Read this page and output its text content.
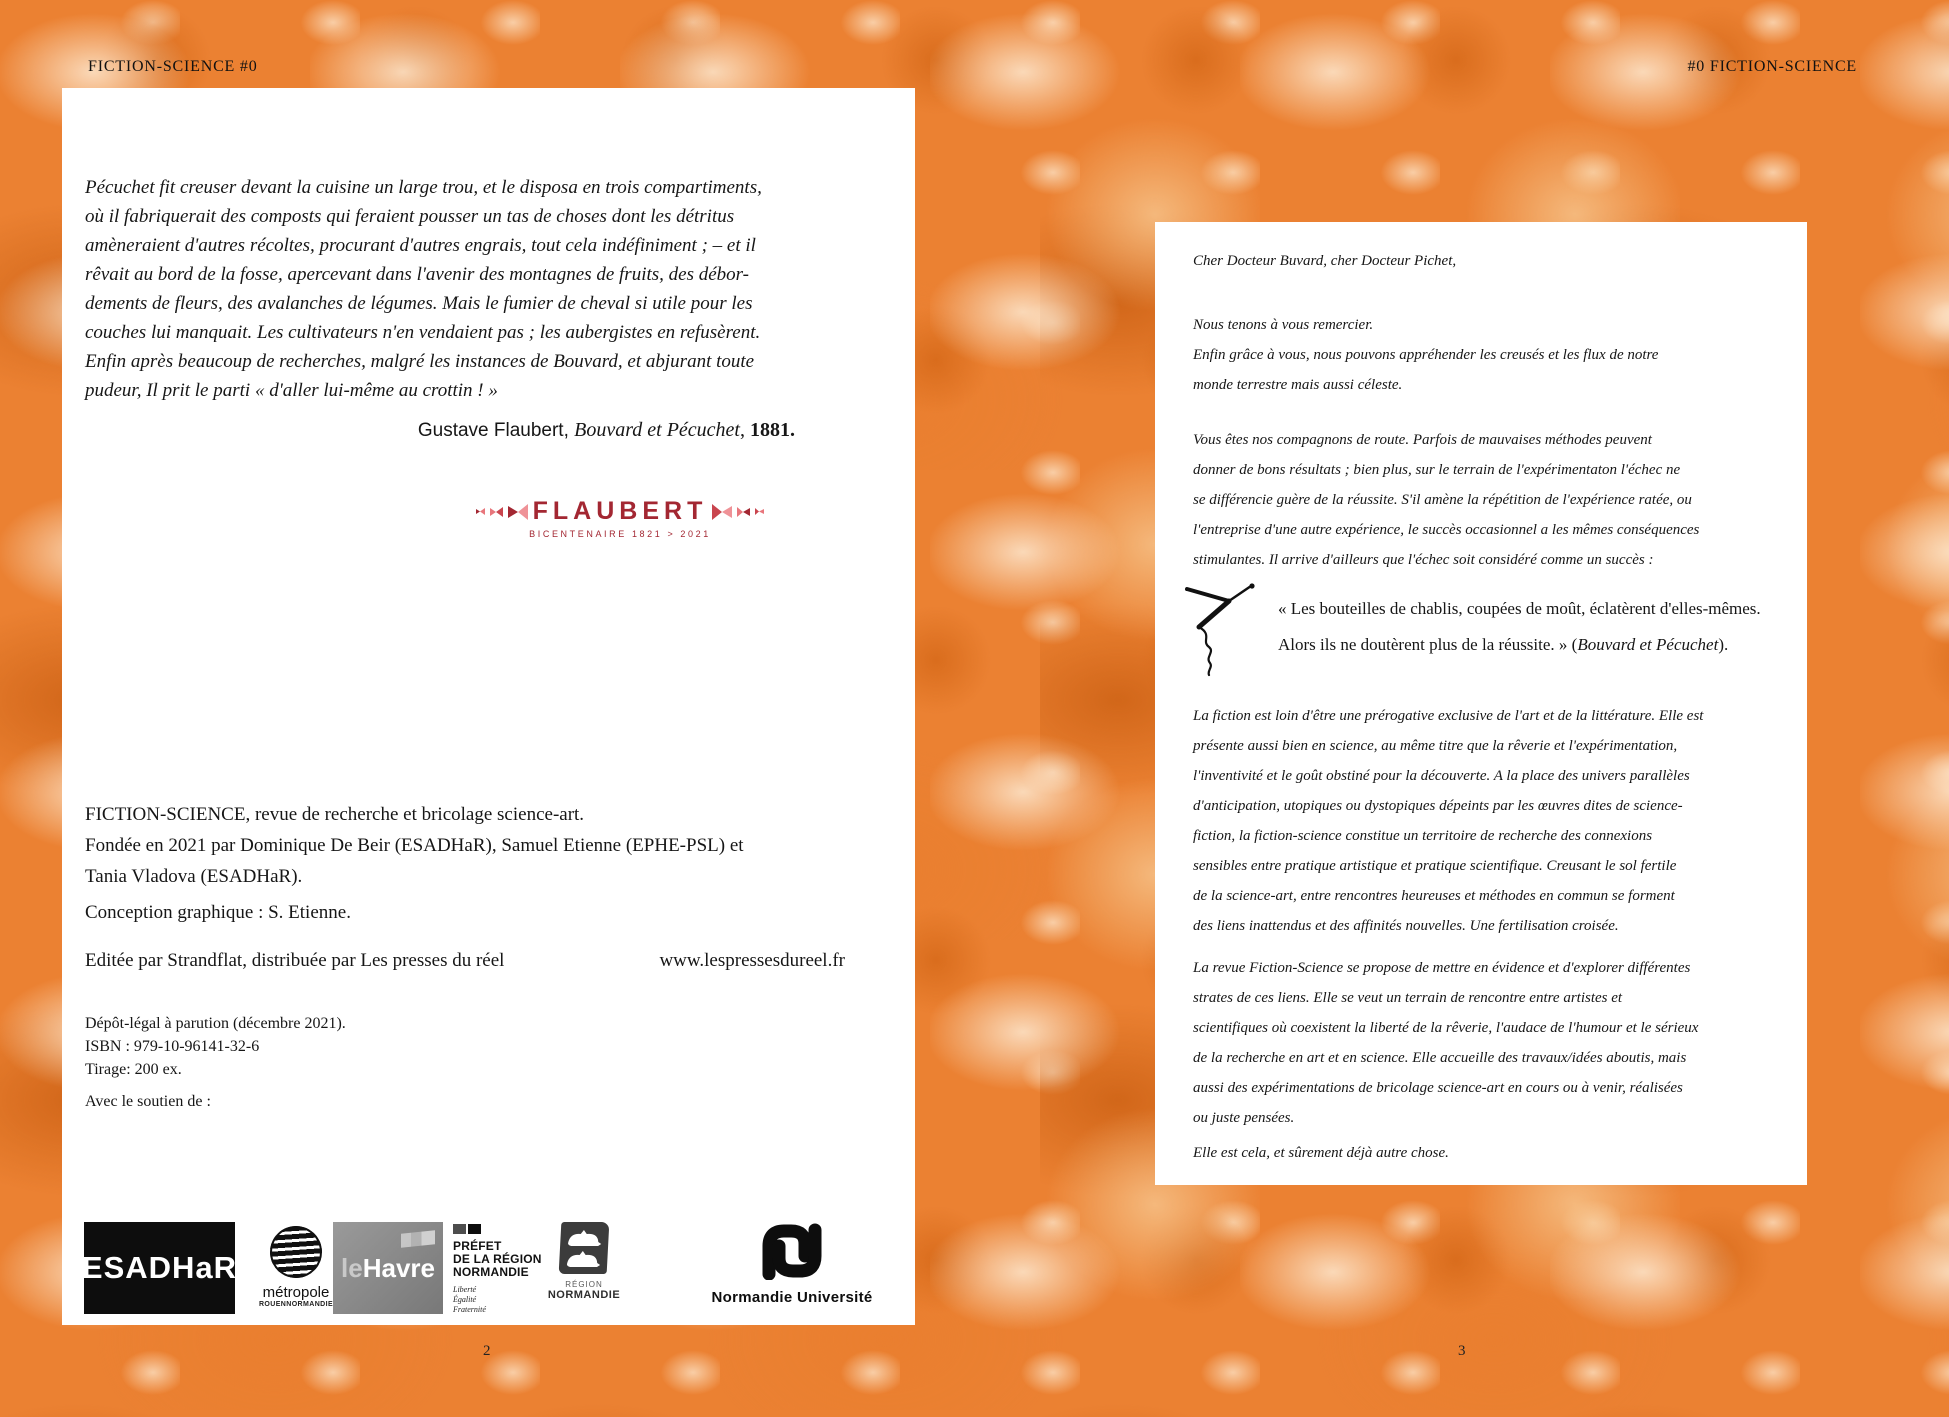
FICTION-SCIENCE #0	#0 FICTION-SCIENCE
Pécuchet fit creuser devant la cuisine un large trou, et le disposa en trois compartiments,
où il fabriquerait des composts qui feraient pousser un tas de choses dont les détritus
amèneraient d'autres récoltes, procurant d'autres engrais, tout cela indéfiniment ; – et il
rêvait au bord de la fosse, apercevant dans l'avenir des montagnes de fruits, des débor-
dements de fleurs, des avalanches de légumes. Mais le fumier de cheval si utile pour les
couches lui manquait. Les cultivateurs n'en vendaient pas ; les aubergistes en refusèrent.
Enfin après beaucoup de recherches, malgré les instances de Bouvard, et abjurant toute
pudeur, Il prit le parti « d'aller lui-même au crottin ! »
Gustave Flaubert, Bouvard et Pécuchet, 1881.
FLAUBERT
BICENTENAIRE 1821 > 2021
FICTION-SCIENCE, revue de recherche et bricolage science-art.
Fondée en 2021 par Dominique De Beir (ESADHaR), Samuel Etienne (EPHE-PSL) et
Tania Vladova (ESADHaR).
Conception graphique : S. Etienne.
Editée par Strandflat, distribuée par Les presses du réel	www.lespressesdureel.fr
Dépôt-légal à parution (décembre 2021).
ISBN : 979-10-96141-32-6
Tirage: 200 ex.
Avec le soutien de :
ESADHaR
métropole
ROUENNORMANDIE
le Havre
PRÉFET
DE LA RÉGION
NORMANDIE
Liberté
Égalité
Fraternité
RÉGION
NORMANDIE	Normandie Université
Cher Docteur Buvard, cher Docteur Pichet,
Nous tenons à vous remercier.
Enfin grâce à vous, nous pouvons appréhender les creusés et les flux de notre
monde terrestre mais aussi céleste.
Vous êtes nos compagnons de route. Parfois de mauvaises méthodes peuvent
donner de bons résultats ; bien plus, sur le terrain de l'expérimentaton l'échec ne
se différencie guère de la réussite. S'il amène la répétition de l'expérience ratée, ou
l'entreprise d'une autre expérience, le succès occasionnel a les mêmes conséquences
stimulantes. Il arrive d'ailleurs que l'échec soit considéré comme un succès :
« Les bouteilles de chablis, coupées de moût, éclatèrent d'elles-mêmes.
Alors ils ne doutèrent plus de la réussite. » (Bouvard et Pécuchet).
La fiction est loin d'être une prérogative exclusive de l'art et de la littérature. Elle est
présente aussi bien en science, au même titre que la rêverie et l'expérimentation,
l'inventivité et le goût obstiné pour la découverte. A la place des univers parallèles
d'anticipation, utopiques ou dystopiques dépeints par les œuvres dites de science-
fiction, la fiction-science constitue un territoire de recherche des connexions
sensibles entre pratique artistique et pratique scientifique. Creusant le sol fertile
de la science-art, entre rencontres heureuses et méthodes en commun se forment
des liens inattendus et des affinités nouvelles. Une fertilisation croisée.
La revue Fiction-Science se propose de mettre en évidence et d'explorer différentes
strates de ces liens. Elle se veut un terrain de rencontre entre artistes et
scientifiques où coexistent la liberté de la rêverie, l'audace de l'humour et le sérieux
de la recherche en art et en science. Elle accueille des travaux/idées aboutis, mais
aussi des expérimentations de bricolage science-art en cours ou à venir, réalisées
ou juste pensées.
Elle est cela, et sûrement déjà autre chose.
2	3
